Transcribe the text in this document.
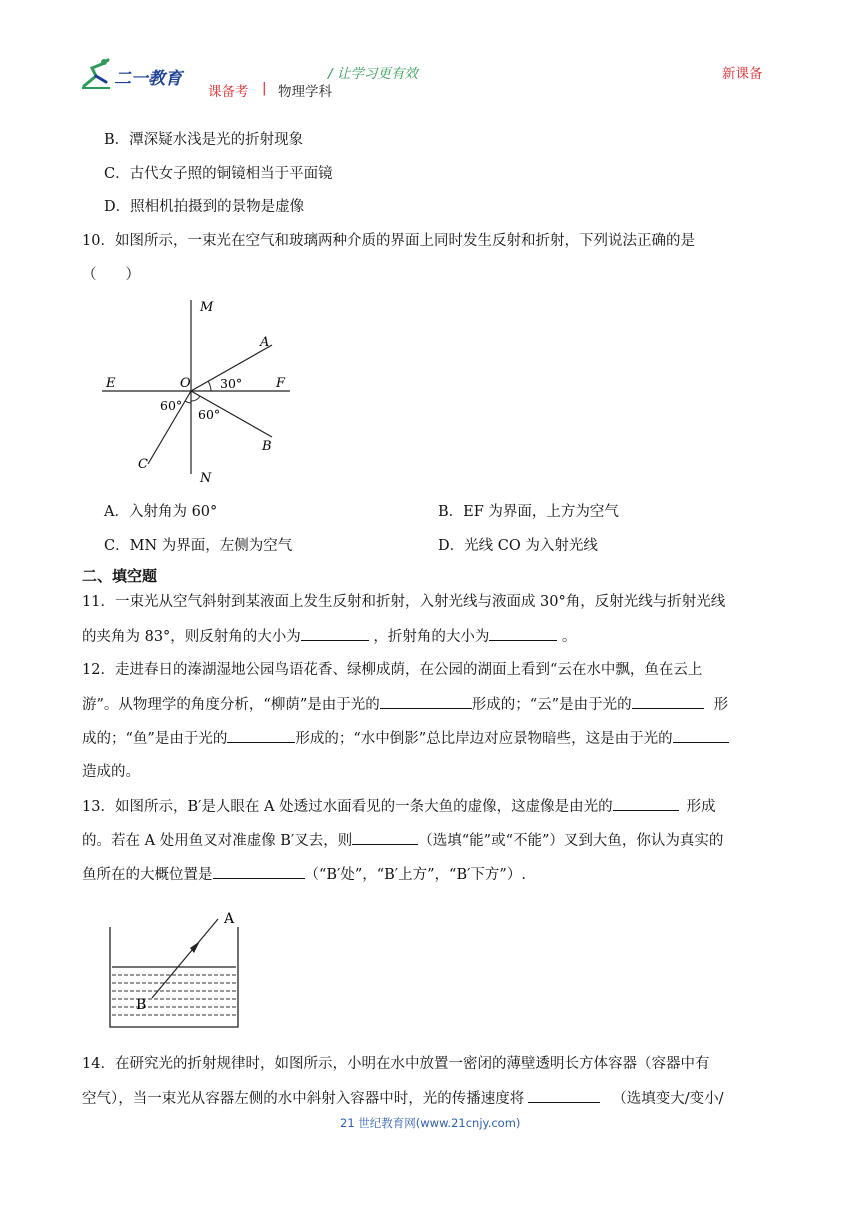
二一教育	/ 让学习更有效	新课备
课备考 | 物理学科
B．潭深疑水浅是光的折射现象
C．古代女子照的铜镜相当于平面镜
D．照相机拍摄到的景物是虚像
10．如图所示，一束光在空气和玻璃两种介质的界面上同时发生反射和折射，下列说法正确的是
（　　）
M
N
E	F
O
A
B
C
30°
60°
60°
A．入射角为 60°	B．EF 为界面，上方为空气
C．MN 为界面，左侧为空气	D．光线 CO 为入射光线
二、填空题
11．一束光从空气斜射到某液面上发生反射和折射，入射光线与液面成 30°角，反射光线与折射光线
的夹角为 83°，则反射角的大小为	，折射角的大小为	。
12．走进春日的溱湖湿地公园鸟语花香、绿柳成荫，在公园的湖面上看到“云在水中飘，鱼在云上
游”。从物理学的角度分析，“柳荫”是由于光的	形成的；“云”是由于光的	形
成的；“鱼”是由于光的	形成的；“水中倒影”总比岸边对应景物暗些，这是由于光的
造成的。
13．如图所示，B′是人眼在 A 处透过水面看见的一条大鱼的虚像，这虚像是由光的	形成
的。若在 A 处用鱼叉对准虚像 B′叉去，则	（选填“能”或“不能”）叉到大鱼，你认为真实的
鱼所在的大概位置是	（“B′处”，“B′上方”，“B′下方”）.
A
B
14．在研究光的折射规律时，如图所示，小明在水中放置一密闭的薄壁透明长方体容器（容器中有
空气），当一束光从容器左侧的水中斜射入容器中时，光的传播速度将	（选填变大/变小/
21 世纪教育网(www.21cnjy.com)
